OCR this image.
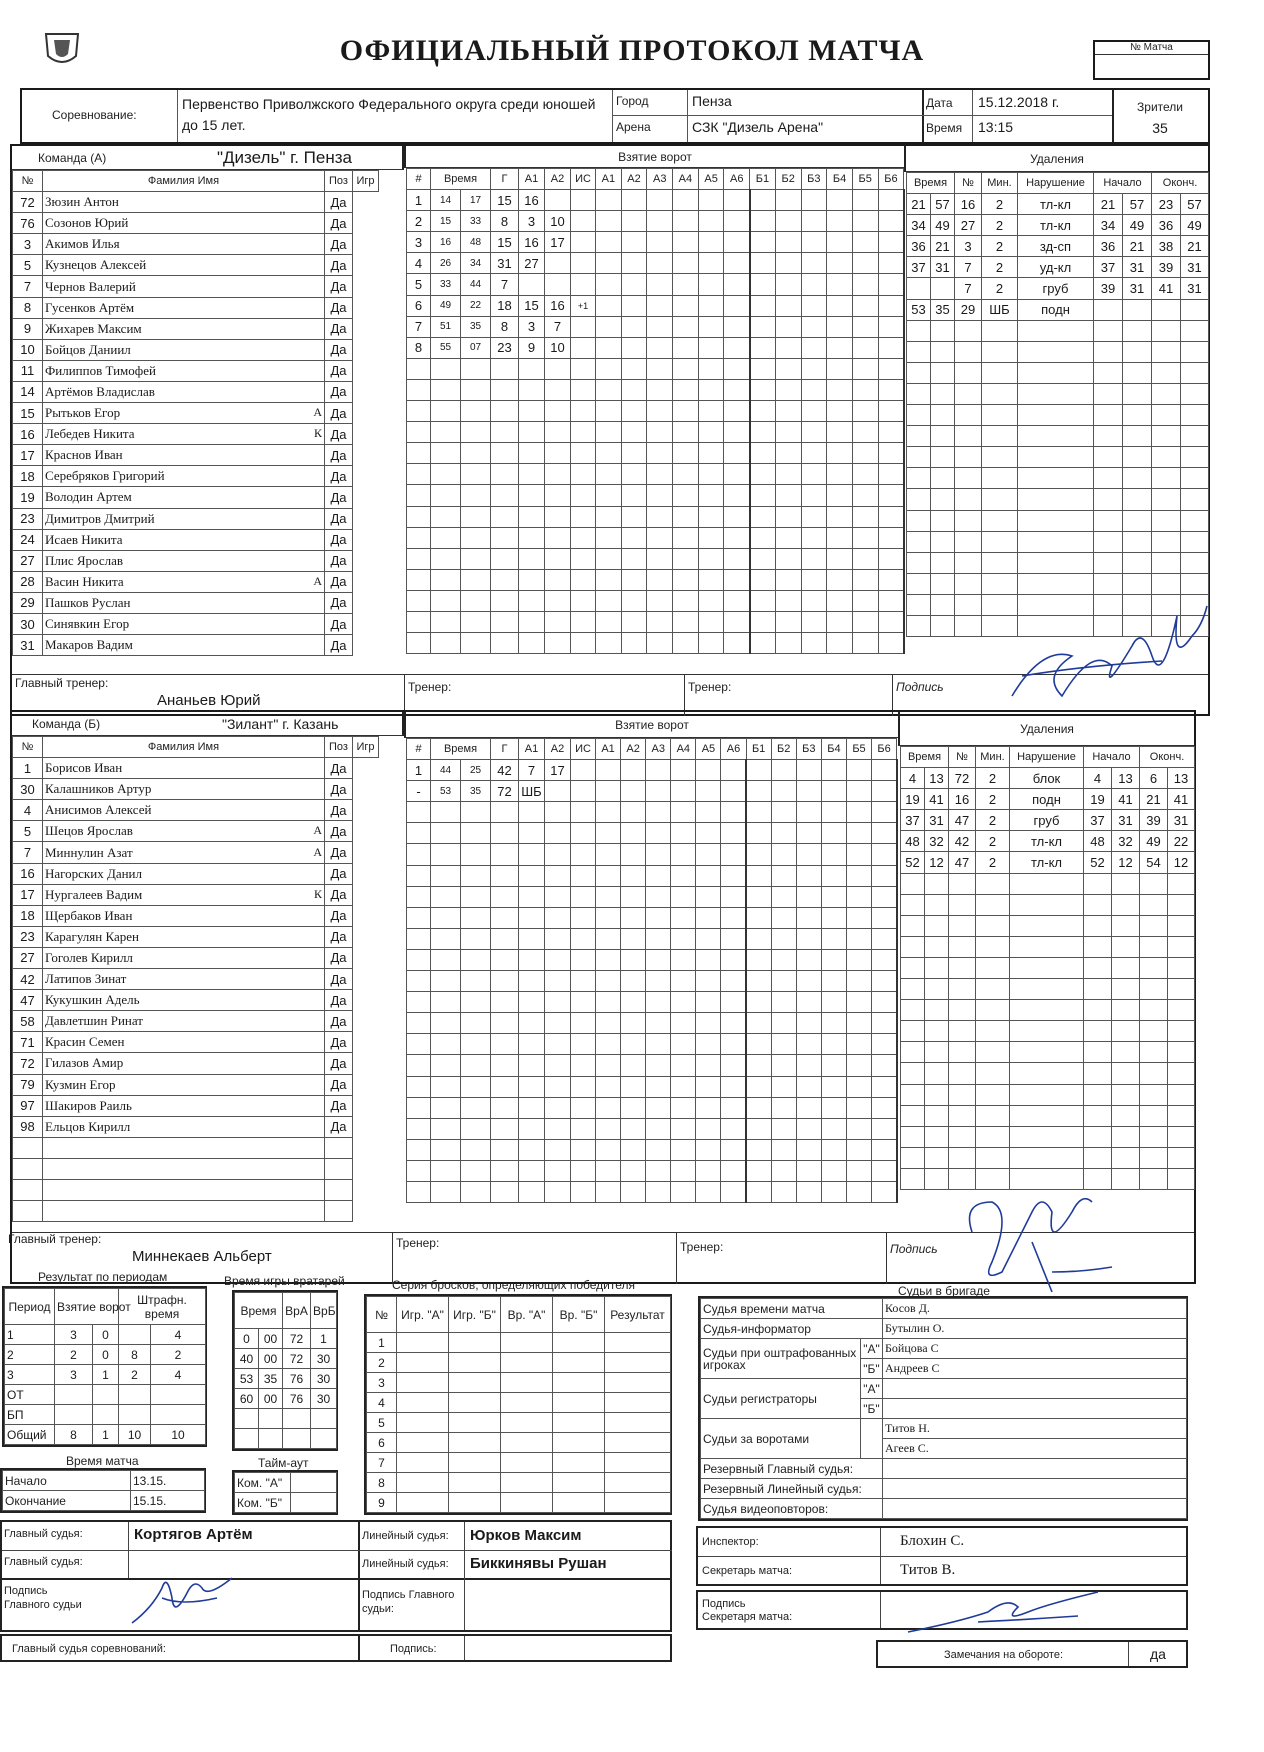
ОФИЦИАЛЬНЫЙ ПРОТОКОЛ МАТЧА	№ Матча
Соревнование:
Первенство Приволжского Федерального округа среди юношей до 15 лет.
Город
Арена
Пенза
СЗК "Дизель Арена"
Дата
Время
15.12.2018 г.
13:15
Зрители
35
Команда (А)	"Дизель" г. Пенза
№	Фамилия Имя		Поз	Игр
72	Зюзин Антон		Да	
76	Созонов Юрий		Да	
3	Акимов Илья		Да	
5	Кузнецов Алексей		Да	
7	Чернов Валерий		Да	
8	Гусенков Артём		Да	
9	Жихарев Максим		Да	
10	Бойцов Даниил		Да	
11	Филиппов Тимофей		Да	
14	Артёмов Владислав		Да	
15	Рытьков Егор А		Да	
16	Лебедев Никита К		Да	
17	Краснов Иван		Да	
18	Серебряков Григорий		Да	
19	Володин Артем		Да	
23	Димитров Дмитрий		Да	
24	Исаев Никита		Да	
27	Плис Ярослав		Да	
28	Васин Никита А		Да	
29	Пашков Руслан		Да	
30	Синявкин Егор		Да	
31	Макаров Вадим		Да	
Взятие ворот
#	Время		Г	А1	А2	ИС	А1	А2	А3	А4	А5	А6	Б1	Б2	Б3	Б4	Б5	Б6
1	14	17	15	16														
2	15	33	8	3	10													
3	16	48	15	16	17													
4	26	34	31	27														
5	33	44	7															
6	49	22	18	15	16	+1												
7	51	35	8	3	7													
8	55	07	23	9	10													

Удаления
Время		№	Мин.	Нарушение	Начало		Оконч.	
21	57	16	2	тл-кл	21	57	23	57
34	49	27	2	тл-кл	34	49	36	49
36	21	3	2	зд-сп	36	21	38	21
37	31	7	2	уд-кл	37	31	39	31
		7	2	груб	39	31	41	31
53	35	29	ШБ	подн				

Главный тренер:
Ананьев Юрий
Тренер:	Тренер:	Подпись
Команда (Б)	"Зилант" г. Казань
№	Фамилия Имя		Поз	Игр
1	Борисов Иван		Да	
30	Калашников Артур		Да	
4	Анисимов Алексей		Да	
5	Шецов Ярослав А		Да	
7	Миннулин Азат А		Да	
16	Нагорских Данил		Да	
17	Нургалеев Вадим К		Да	
18	Щербаков Иван		Да	
23	Карагулян Карен		Да	
27	Гоголев Кирилл		Да	
42	Латипов Зинат		Да	
47	Кукушкин Адель		Да	
58	Давлетшин Ринат		Да	
71	Красин Семен		Да	
72	Гилазов Амир		Да	
79	Кузмин Егор		Да	
97	Шакиров Раиль		Да	
98	Ельцов Кирилл		Да	

Взятие ворот
#	Время		Г	А1	А2	ИС	А1	А2	А3	А4	А5	А6	Б1	Б2	Б3	Б4	Б5	Б6
1	44	25	42	7	17													
-	53	35	72	ШБ														

Удаления
Время		№	Мин.	Нарушение	Начало		Оконч.	
4	13	72	2	блок	4	13	6	13
19	41	16	2	подн	19	41	21	41
37	31	47	2	груб	37	31	39	31
48	32	42	2	тл-кл	48	32	49	22
52	12	47	2	тл-кл	52	12	54	12

Главный тренер:
Миннекаев Альберт
Тренер:	Тренер:	Подпись
Результат по периодам
Период	Взятие ворот		Штрафн. время	
1	3	0		4
2	2	0	8	2
3	3	1	2	4
ОТ				
БП				
Общий	8	1	10	10
Время игры вратарей
Время		ВрА	ВрБ
0	00	72	1
40	00	72	30
53	35	76	30
60	00	76	30

Серия бросков, определяющих победителя
№	Игр. "А"	Игр. "Б"	Вр. "А"	Вр. "Б"	Результат
1					
2					
3					
4					
5					
6					
7					
8					
9					
Время матча
Начало	13.15.
Окончание	15.15.
Тайм-аут
Ком. "А"	
Ком. "Б"	
Судьи в бригаде
Судья времени матча		Косов Д.
Судья-информатор		Бутылин О.
Судьи при оштрафованных игроках	"А"	Бойцова С
	"Б"	Андреев С
Судьи регистраторы	"А"	
	"Б"	
Судьи за воротами		Титов Н.
		Агеев С.
Резервный Главный судья:		
Резервный Линейный судья:		
Судья видеоповторов:		
Главный судья:	Кортягов Артём
Главный судья:
Подпись Главного судьи
Линейный судья: Юрков Максим
Линейный судья: Биккинявы Рушан
Подпись Главного судьи:
Главный судья соревнований:	Подпись:
Инспектор:	Блохин С.
Секретарь матча:	Титов В.
Подпись Секретаря матча:
Замечания на обороте:	да
